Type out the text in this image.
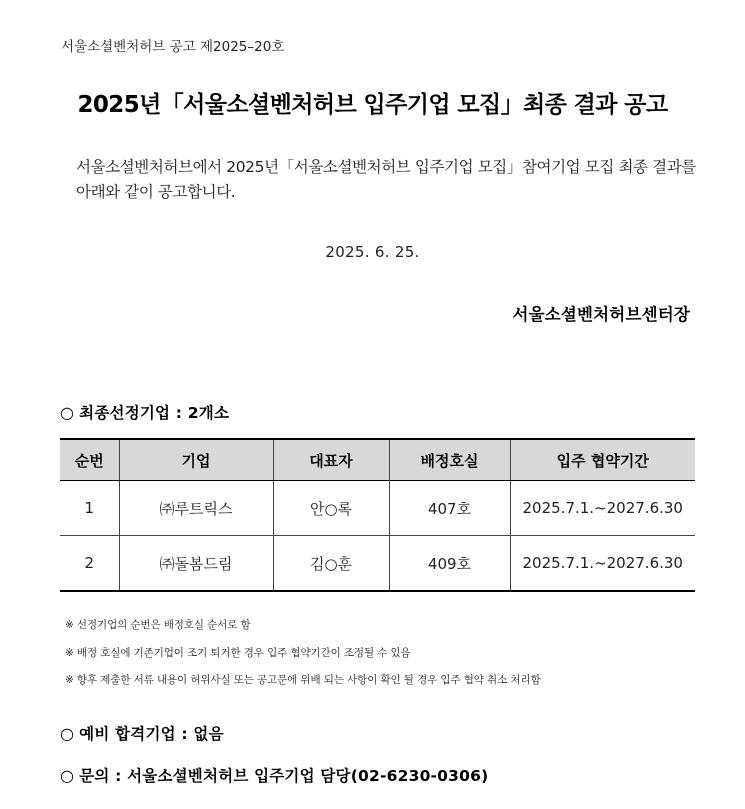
서울소셜벤처허브 공고 제2025–20호
2025년「서울소셜벤처허브 입주기업 모집」최종 결과 공고
서울소셜벤처허브에서 2025년「서울소셜벤처허브 입주기업 모집」참여기업 모집 최종 결과를 아래와 같이 공고합니다.
2025. 6. 25.
서울소셜벤처허브센터장
○ 최종선정기업 : 2개소
순번	기업	대표자	배정호실	입주 협약기간
1	㈜루트릭스	안○록	407호	2025.7.1.~2027.6.30
2	㈜돌봄드림	김○훈	409호	2025.7.1.~2027.6.30
※ 선정기업의 순번은 배정호실 순서로 함
※ 배정 호실에 기존기업이 조기 퇴거한 경우 입주 협약기간이 조정될 수 있음
※ 향후 제출한 서류 내용이 허위사실 또는 공고문에 위배 되는 사항이 확인 될 경우 입주 협약 취소 처리함
○ 예비 합격기업 : 없음
○ 문의 : 서울소셜벤처허브 입주기업 담당(02-6230-0306)
